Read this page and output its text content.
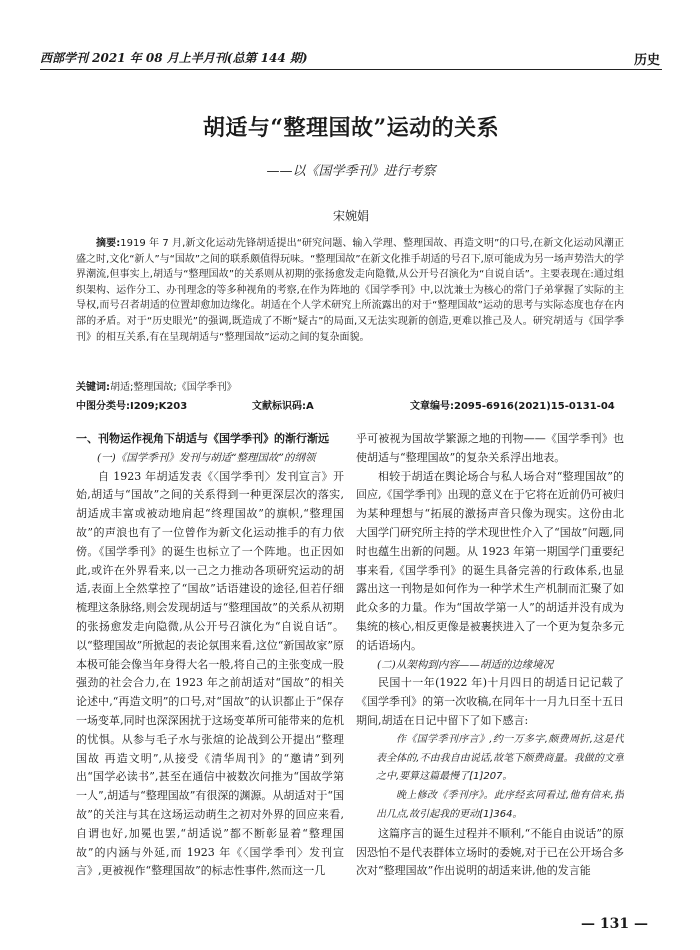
西部学刊 2021 年 08 月上半月刊(总第 144 期)	历史
胡适与“整理国故”运动的关系
——以《国学季刊》进行考察
宋婉娟

摘要:1919 年 7 月,新文化运动先锋胡适提出“研究问题、输入学理、整理国故、再造文明”的口号,在新文化运动风潮正盛之时,文化“新人”与“国故”之间的联系颇值得玩味。“整理国故”在新文化推手胡适的号召下,原可能成为另一场声势浩大的学界潮流,但事实上,胡适与“整理国故”的关系则从初期的张扬愈发走向隐微,从公开号召演化为“自说自话”。主要表现在:通过组织架构、运作分工、办刊理念的等多种视角的考察,在作为阵地的《国学季刊》中,以沈兼士为核心的常门子弟掌握了实际的主导权,而号召者胡适的位置却愈加边缘化。胡适在个人学术研究上所流露出的对于“整理国故”运动的思考与实际态度也存在内部的矛盾。对于“历史眼光”的强调,既造成了不断“疑古”的局面,又无法实现新的创造,更难以推己及人。研究胡适与《国学季刊》的相互关系,有在呈现胡适与“整理国故”运动之间的复杂面貌。

关键词:胡适;整理国故;《国学季刊》
中图分类号:I209;K203	文献标识码:A	文章编号:2095-6916(2021)15-0131-04
一、刊物运作视角下胡适与《国学季刊》的渐行渐远
(一)《国学季刊》发刊与胡适“整理国故”的纲领

自 1923 年胡适发表《〈国学季刊〉发刊宣言》开始,胡适与“国故”之间的关系得到一种更深层次的落实,胡适成丰富或被动地肩起“终理国故”的旗帜,“整理国故”的声浪也有了一位曾作为新文化运动推手的有力依傍。《国学季刊》的诞生也标立了一个阵地。也正因如此,或许在外界看来,以一己之力推动各项研究运动的胡适,表面上全然掌控了“国故”话语建设的途径,但若仔细梳理这条脉络,则会发现胡适与“整理国故”的关系从初期的张扬愈发走向隐微,从公开号召演化为“自说自话”。以“整理国故”所掀起的表论氛围来看,这位“新国故家”原本极可能会像当年身得大名一般,将自己的主张变成一股强劲的社会合力,在 1923 年之前胡适对“国故”的相关论述中,“再造文明”的口号,对“国故”的认识都止于“保存一场变革,同时也深深困扰于这场变革所可能带来的危机的忧惧。从参与毛子水与张煊的论战到公开提出“整理国故 再造文明”,从接受《清华周刊》的“邀请”到列出“国学必读书”,甚至在通信中被数次问推为“国故学第一人”,胡适与“整理国故”有很深的渊源。从胡适对于“国故”的关注与其在这场运动萌生之初对外界的回应来看,自谓也好,加冕也罢,“胡适说”都不断彰显着“整理国故”的内涵与外延,而 1923 年《〈国学季刊〉发刊宣言》,更被视作“整理国故”的标志性事件,然而这一几

乎可被视为国故学繁源之地的刊物——《国学季刊》也使胡适与“整理国故”的复杂关系浮出地表。

相较于胡适在舆论场合与私人场合对“整理国故”的回应,《国学季刊》出现的意义在于它将在近前仍可被归为某种理想与“拓展的激扬声音只像为现实。这份由北大国学门研究所主持的学术现世性介入了“国故”问题,同时也蕴生出新的问题。从 1923 年第一期国学门重要纪事来看,《国学季刊》的诞生具备完善的行政体系,也显露出这一刊物是如何作为一种学术生产机制而汇聚了如此众多的力量。作为“国故学第一人”的胡适并没有成为集统的核心,相反更像是被裹挟进入了一个更为复杂多元的话语场内。

(二)从架构到内容——胡适的边缘境况

民国十一年(1922 年)十月四日的胡适日记记载了《国学季刊》的第一次收稿,在同年十一月九日至十五日期间,胡适在日记中留下了如下感言:

作《国学季刊序言》,约一万多字,颇费周折,这是代表全体的,不由我自由说话,故笔下颇费商量。我做的文章之中,要算这篇最慢了[1]207。
晚上修改《季刊序》。此序经玄同看过,他有信来,指出几点,故引起我的更动[1]364。

这篇序言的诞生过程并不顺利,“不能自由说话”的原因恐怕不是代表群体立场时的委婉,对于已在公开场合多次对“整理国故”作出说明的胡适来讲,他的发言能

— 131 —
